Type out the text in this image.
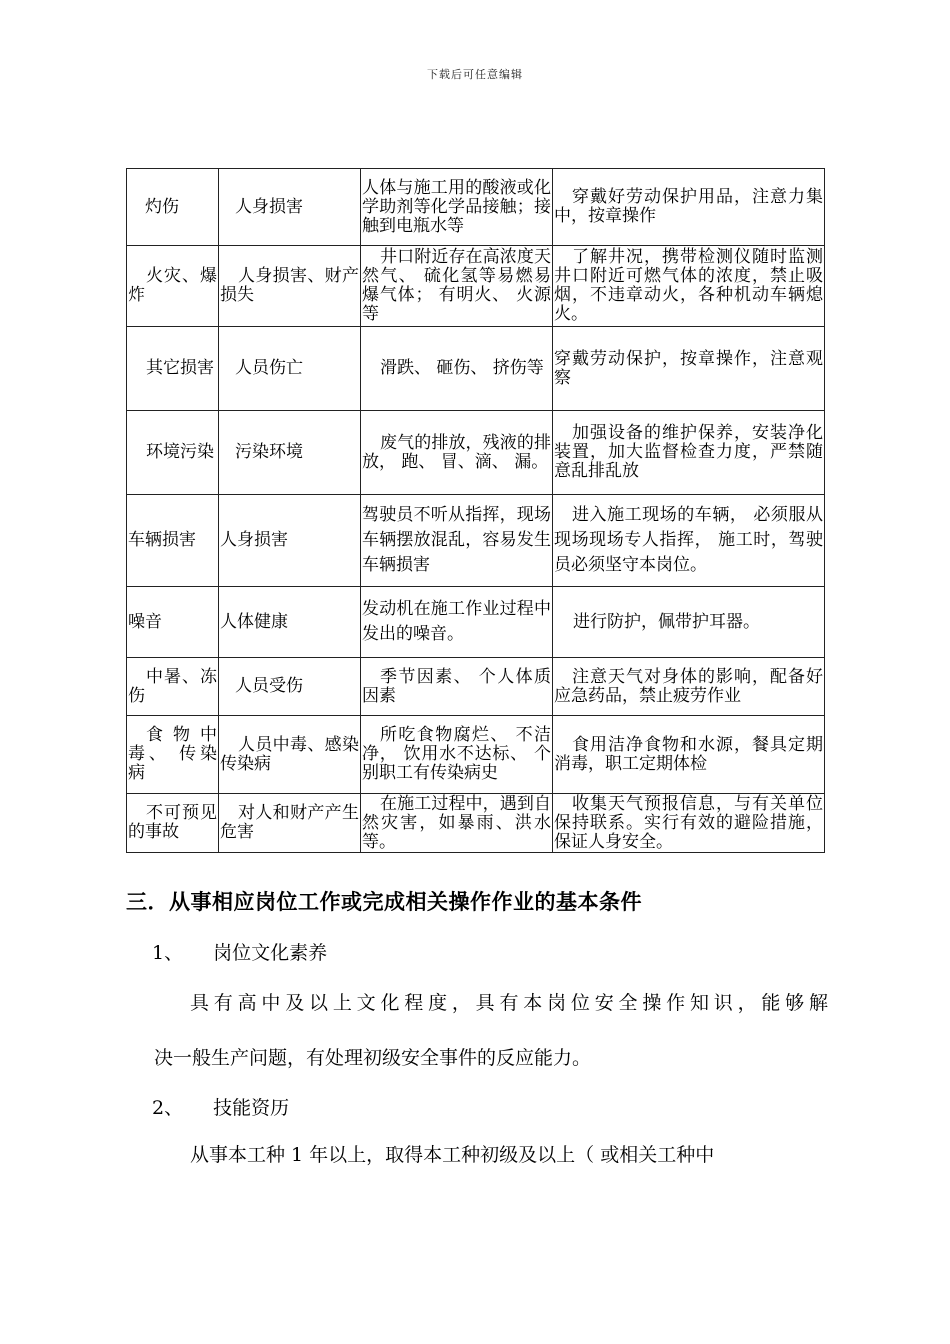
下载后可任意编辑
灼伤	人身损害	人体与施工用的酸液或化学助剂等化学品接触；接触到电瓶水等	穿戴好劳动保护用品，注意力集中，按章操作
火灾、爆炸	人身损害、财产损失	井口附近存在高浓度天然气、 硫化氢等易燃易爆气体； 有明火、 火源等	了解井况，携带检测仪随时监测井口附近可燃气体的浓度，禁止吸烟，不违章动火，各种机动车辆熄火。
其它损害	人员伤亡	滑跌、 砸伤、 挤伤等	穿戴劳动保护，按章操作，注意观察
环境污染	污染环境	废气的排放，残液的排放， 跑、 冒、滴、 漏。	加强设备的维护保养，安装净化装置，加大监督检查力度，严禁随意乱排乱放
车辆损害	人身损害	驾驶员不听从指挥，现场车辆摆放混乱，容易发生车辆损害	进入施工现场的车辆， 必须服从现场现场专人指挥， 施工时，驾驶员必须坚守本岗位。
噪音	人体健康	发动机在施工作业过程中发出的噪音。	进行防护，佩带护耳器。
中暑、冻伤	人员受伤	季节因素、 个人体质因素	注意天气对身体的影响，配备好应急药品，禁止疲劳作业
食物中毒、 传染病	人员中毒、感染传染病	所吃食物腐烂、 不洁净， 饮用水不达标、 个别职工有传染病史	食用洁净食物和水源，餐具定期消毒，职工定期体检
不可预见的事故	对人和财产产生危害	在施工过程中，遇到自然灾害，如暴雨、洪水等。	收集天气预报信息，与有关单位保持联系。实行有效的避险措施，保证人身安全。
三．从事相应岗位工作或完成相关操作作业的基本条件
1、 岗位文化素养
具有高中及以上文化程度，具有本岗位安全操作知识，能够解
决一般生产问题，有处理初级安全事件的反应能力。
2、 技能资历
从事本工种 1 年以上，取得本工种初级及以上（ 或相关工种中
